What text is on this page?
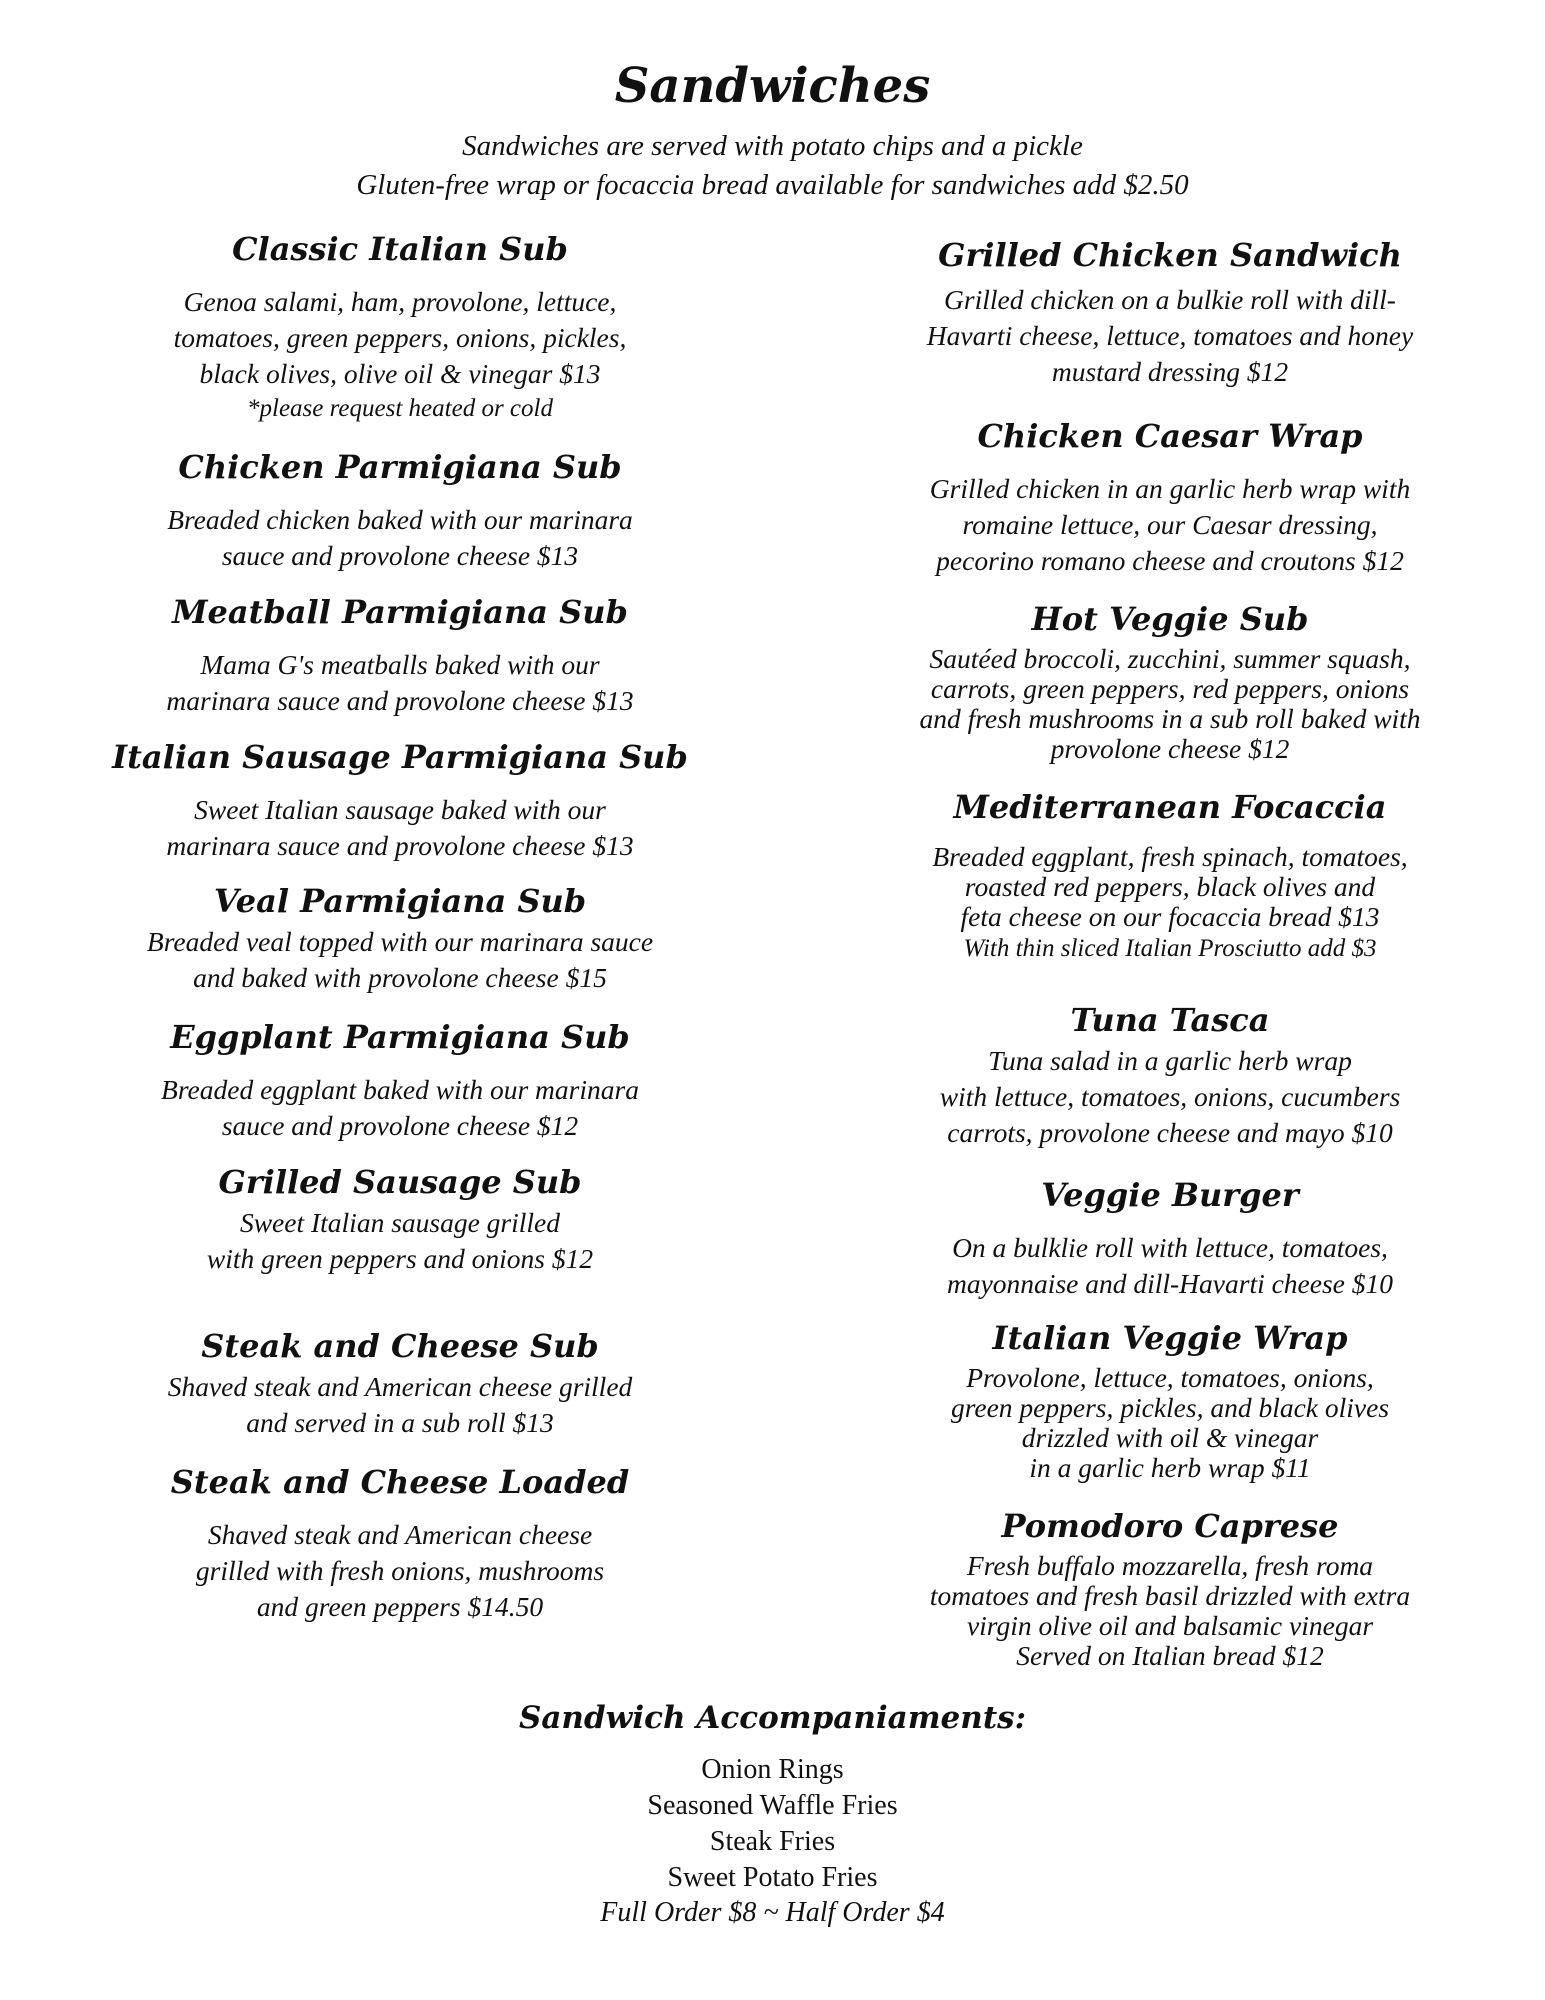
Sandwiches

Sandwiches are served with potato chips and a pickle

Gluten-free wrap or focaccia bread available for sandwiches add $2.50

Classic Italian Sub

Genoa salami, ham, provolone, lettuce,
tomatoes, green peppers, onions, pickles,
black olives, olive oil & vinegar $13

*please request heated or cold

Chicken Parmigiana Sub

Breaded chicken baked with our marinara
sauce and provolone cheese $13

Meatball Parmigiana Sub

Mama G's meatballs baked with our
marinara sauce and provolone cheese $13

Italian Sausage Parmigiana Sub

Sweet Italian sausage baked with our
marinara sauce and provolone cheese $13

Veal Parmigiana Sub

Breaded veal topped with our marinara sauce
and baked with provolone cheese $15

Eggplant Parmigiana Sub

Breaded eggplant baked with our marinara
sauce and provolone cheese $12

Grilled Sausage Sub

Sweet Italian sausage grilled
with green peppers and onions $12

Steak and Cheese Sub

Shaved steak and American cheese grilled
and served in a sub roll $13

Steak and Cheese Loaded

Shaved steak and American cheese
grilled with fresh onions, mushrooms
and green peppers $14.50

Grilled Chicken Sandwich

Grilled chicken on a bulkie roll with dill-
Havarti cheese, lettuce, tomatoes and honey
mustard dressing $12

Chicken Caesar Wrap

Grilled chicken in an garlic herb wrap with
romaine lettuce, our Caesar dressing,
pecorino romano cheese and croutons $12

Hot Veggie Sub

Sautéed broccoli, zucchini, summer squash,
carrots, green peppers, red peppers, onions
and fresh mushrooms in a sub roll baked with
provolone cheese $12

Mediterranean Focaccia

Breaded eggplant, fresh spinach, tomatoes,
roasted red peppers, black olives and
feta cheese on our focaccia bread $13

With thin sliced Italian Prosciutto add $3

Tuna Tasca

Tuna salad in a garlic herb wrap
with lettuce, tomatoes, onions, cucumbers
carrots, provolone cheese and mayo $10

Veggie Burger

On a bulklie roll with lettuce, tomatoes,
mayonnaise and dill-Havarti cheese $10

Italian Veggie Wrap

Provolone, lettuce, tomatoes, onions,
green peppers, pickles, and black olives
drizzled with oil & vinegar
in a garlic herb wrap $11

Pomodoro Caprese

Fresh buffalo mozzarella, fresh roma
tomatoes and fresh basil drizzled with extra
virgin olive oil and balsamic vinegar
Served on Italian bread $12

Sandwich Accompaniaments:
Onion Rings
Seasoned Waffle Fries
Steak Fries
Sweet Potato Fries

Full Order $8 ~ Half Order $4
